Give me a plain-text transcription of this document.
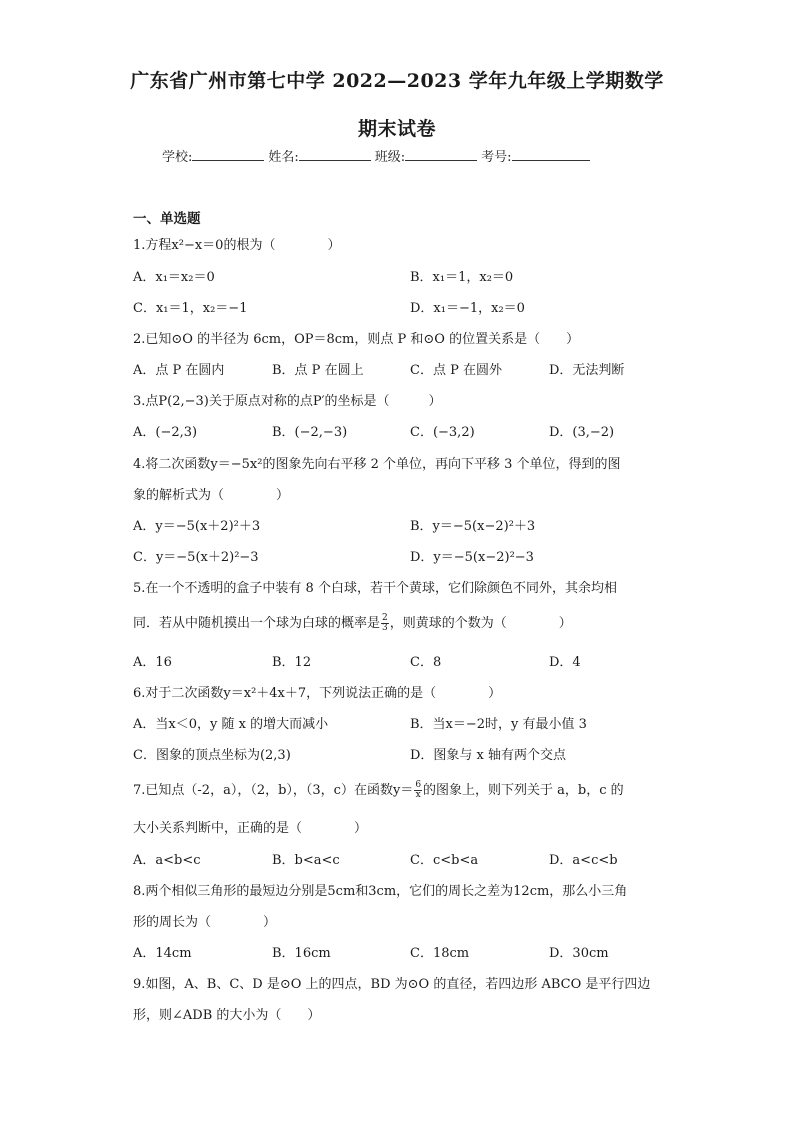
广东省广州市第七中学 2022—2023 学年九年级上学期数学
期末试卷
学校:	姓名:	班级:	考号:
一、单选题
1.方程x²−x＝0的根为（　　　　）
A．x₁＝x₂＝0	B．x₁＝1，x₂＝0
C．x₁＝1，x₂＝−1	D．x₁＝−1，x₂＝0
2.已知⊙O 的半径为 6cm，OP＝8cm，则点 P 和⊙O 的位置关系是（　　）
A．点 P 在圆内	B．点 P 在圆上	C．点 P 在圆外	D．无法判断
3.点P(2,−3)关于原点对称的点P′的坐标是（　　　）
A．(−2,3)	B．(−2,−3)	C．(−3,2)	D．(3,−2)
4.将二次函数y＝−5x²的图象先向右平移 2 个单位，再向下平移 3 个单位，得到的图
象的解析式为（　　　　）
A．y＝−5(x＋2)²＋3	B．y＝−5(x−2)²＋3
C．y＝−5(x＋2)²−3	D．y＝−5(x−2)²−3
5.在一个不透明的盒子中装有 8 个白球，若干个黄球，它们除颜色不同外，其余均相
同．若从中随机摸出一个球为白球的概率是 $\frac{2}{3}$ ，则黄球的个数为（　　　　）
A．16	B．12	C．8	D．4
6.对于二次函数y＝x²＋4x＋7，下列说法正确的是（　　　　）
A．当x＜0，y 随 x 的增大而减小	B．当x＝−2时，y 有最小值 3
C．图象的顶点坐标为(2,3)	D．图象与 x 轴有两个交点
7.已知点（-2，a），（2，b），（3，c）在函数$y= \frac{6}{x}$ 的图象上，则下列关于 a，b，c 的
大小关系判断中，正确的是（　　　　）
A．a<b<c	B．b<a<c	C．c<b<a	D．a<c<b
8.两个相似三角形的最短边分别是5cm和3cm，它们的周长之差为12cm，那么小三角
形的周长为（　　　　）
A．14cm	B．16cm	C．18cm	D．30cm
9.如图，A、B、C、D 是⊙O 上的四点，BD 为⊙O 的直径，若四边形 ABCO 是平行四边
形，则∠ADB 的大小为（　　）
